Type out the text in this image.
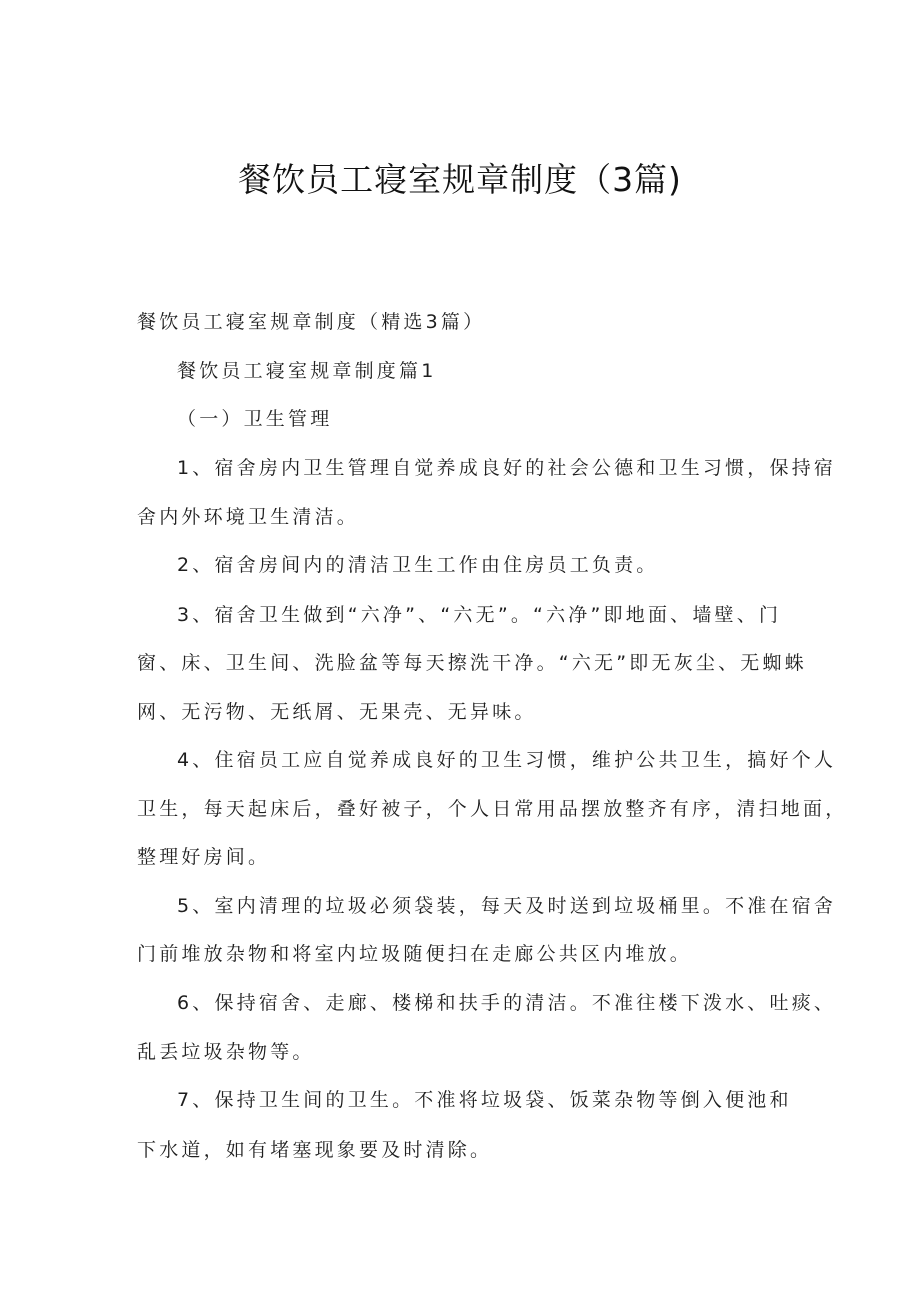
餐饮员工寝室规章制度（3篇)
餐饮员工寝室规章制度（精选3篇）
餐饮员工寝室规章制度篇1
（一）卫生管理
1、宿舍房内卫生管理自觉养成良好的社会公德和卫生习惯，保持宿
舍内外环境卫生清洁。
2、宿舍房间内的清洁卫生工作由住房员工负责。
3、宿舍卫生做到“六净”、“六无”。“六净”即地面、墙壁、门
窗、床、卫生间、洗脸盆等每天擦洗干净。“六无”即无灰尘、无蜘蛛
网、无污物、无纸屑、无果壳、无异味。
4、住宿员工应自觉养成良好的卫生习惯，维护公共卫生，搞好个人
卫生，每天起床后，叠好被子，个人日常用品摆放整齐有序，清扫地面，
整理好房间。
5、室内清理的垃圾必须袋装，每天及时送到垃圾桶里。不准在宿舍
门前堆放杂物和将室内垃圾随便扫在走廊公共区内堆放。
6、保持宿舍、走廊、楼梯和扶手的清洁。不准往楼下泼水、吐痰、
乱丢垃圾杂物等。
7、保持卫生间的卫生。不准将垃圾袋、饭菜杂物等倒入便池和
下水道，如有堵塞现象要及时清除。
